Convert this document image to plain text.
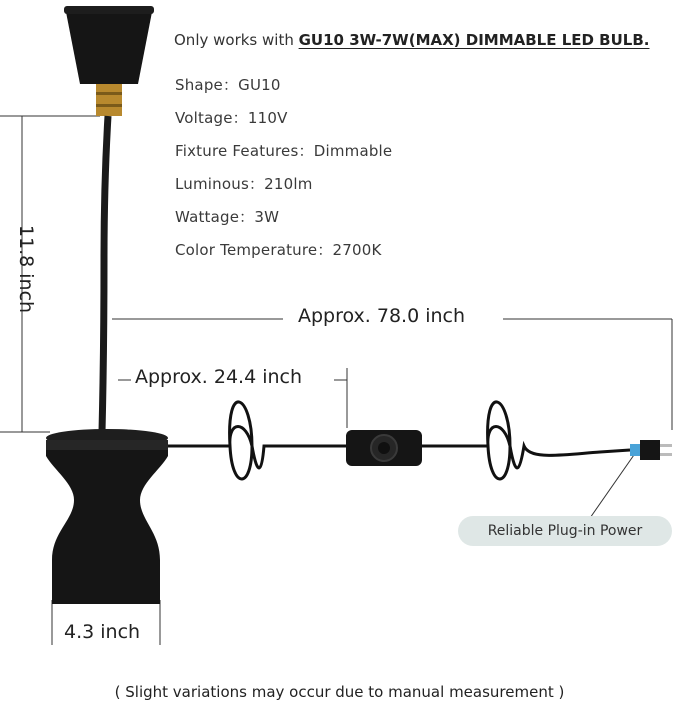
Only works with GU10 3W-7W(MAX) DIMMABLE LED BULB.
Shape：GU10
Voltage：110V
Fixture Features：Dimmable
Luminous：210lm
Wattage：3W
Color Temperature：2700K
11.8 inch
Approx. 78.0 inch
Approx. 24.4 inch
4.3 inch
Reliable Plug-in Power
( Slight variations may occur due to manual measurement )
